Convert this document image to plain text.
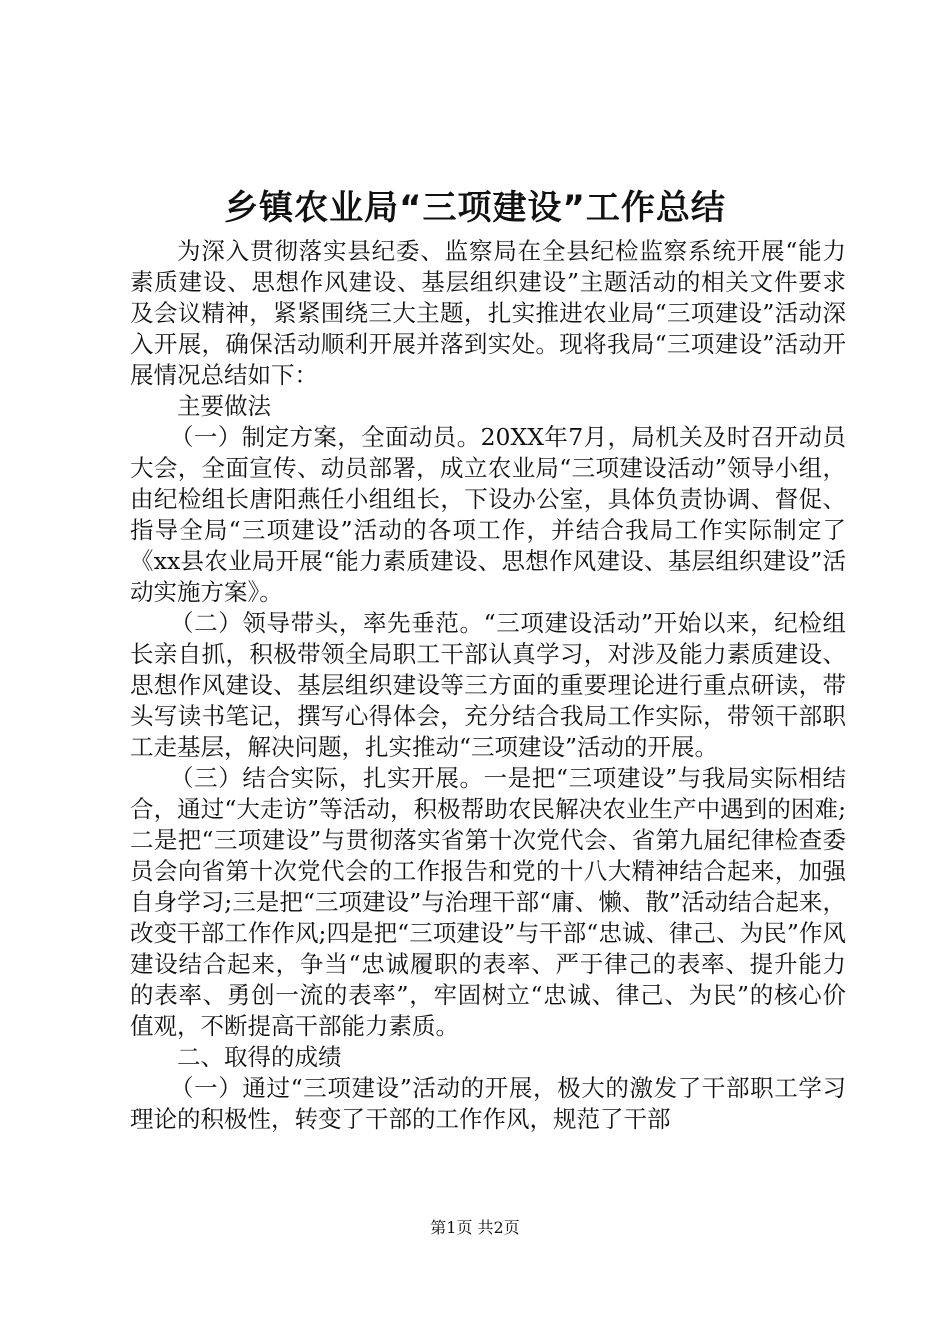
乡镇农业局“三项建设”工作总结

为深入贯彻落实县纪委、监察局在全县纪检监察系统开展“能力素质建设、思想作风建设、基层组织建设”主题活动的相关文件要求及会议精神，紧紧围绕三大主题，扎实推进农业局“三项建设”活动深入开展，确保活动顺利开展并落到实处。现将我局“三项建设”活动开展情况总结如下：

主要做法

（一）制定方案，全面动员。20XX年7月，局机关及时召开动员大会，全面宣传、动员部署，成立农业局“三项建设活动”领导小组，由纪检组长唐阳燕任小组组长，下设办公室，具体负责协调、督促、指导全局“三项建设”活动的各项工作，并结合我局工作实际制定了《xx县农业局开展“能力素质建设、思想作风建设、基层组织建设”活动实施方案》。

（二）领导带头，率先垂范。“三项建设活动”开始以来，纪检组长亲自抓，积极带领全局职工干部认真学习，对涉及能力素质建设、思想作风建设、基层组织建设等三方面的重要理论进行重点研读，带头写读书笔记，撰写心得体会，充分结合我局工作实际，带领干部职工走基层，解决问题，扎实推动“三项建设”活动的开展。

（三）结合实际，扎实开展。一是把“三项建设”与我局实际相结合，通过“大走访”等活动，积极帮助农民解决农业生产中遇到的困难;二是把“三项建设”与贯彻落实省第十次党代会、省第九届纪律检查委员会向省第十次党代会的工作报告和党的十八大精神结合起来，加强自身学习;三是把“三项建设”与治理干部“庸、懒、散”活动结合起来，改变干部工作作风;四是把“三项建设”与干部“忠诚、律己、为民”作风建设结合起来，争当“忠诚履职的表率、严于律己的表率、提升能力的表率、勇创一流的表率”，牢固树立“忠诚、律己、为民”的核心价值观，不断提高干部能力素质。

二、取得的成绩

（一）通过“三项建设”活动的开展，极大的激发了干部职工学习理论的积极性，转变了干部的工作作风，规范了干部

第1页 共2页
